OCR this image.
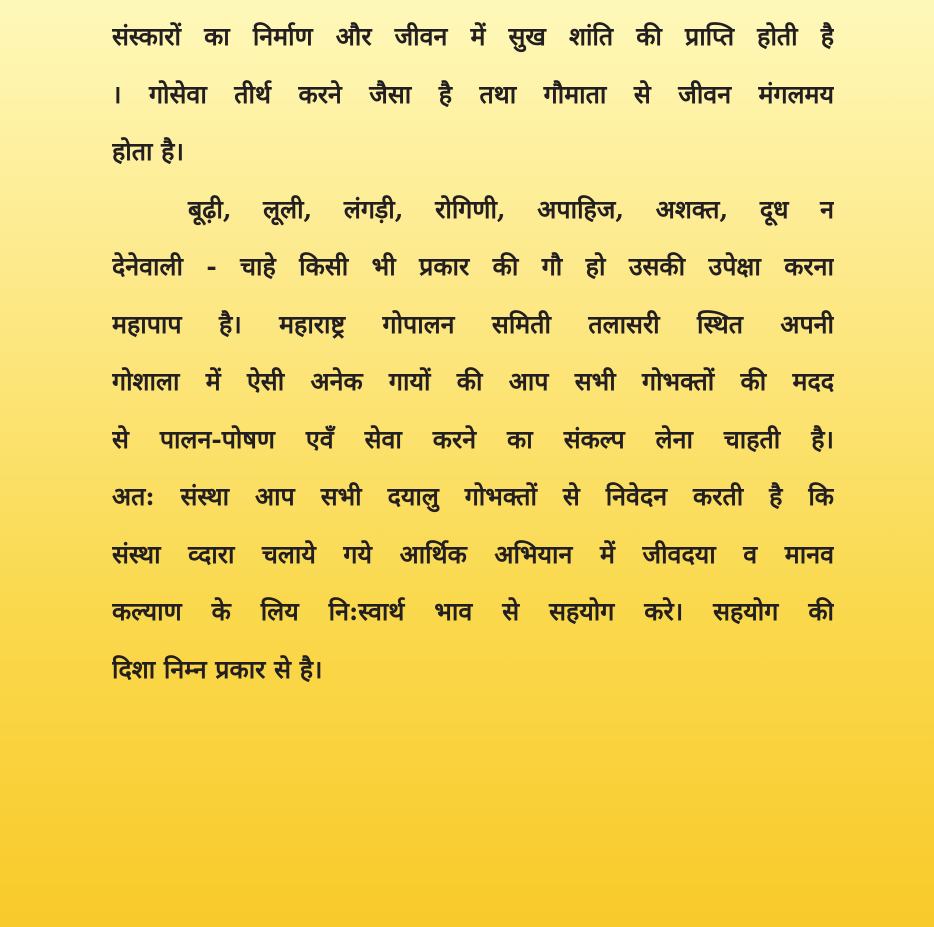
संस्कारों का निर्माण और जीवन में सुख शांति की प्राप्ति होती है
। गोसेवा तीर्थ करने जैसा है तथा गौमाता से जीवन मंगलमय
होता है।
बूढ़ी, लूली, लंगड़ी, रोगिणी, अपाहिज, अशक्त, दूध न
देनेवाली - चाहे किसी भी प्रकार की गौ हो उसकी उपेक्षा करना
महापाप है। महाराष्ट्र गोपालन समिती तलासरी स्थित अपनी
गोशाला में ऐसी अनेक गायों की आप सभी गोभक्तों की मदद
से पालन-पोषण एवँ सेवा करने का संकल्प लेना चाहती है।
अत: संस्था आप सभी दयालु गोभक्तों से निवेदन करती है कि
संस्था व्दारा चलाये गये आर्थिक अभियान में जीवदया व मानव
कल्याण के लिय नि:स्वार्थ भाव से सहयोग करे। सहयोग की
दिशा निम्न प्रकार से है।
